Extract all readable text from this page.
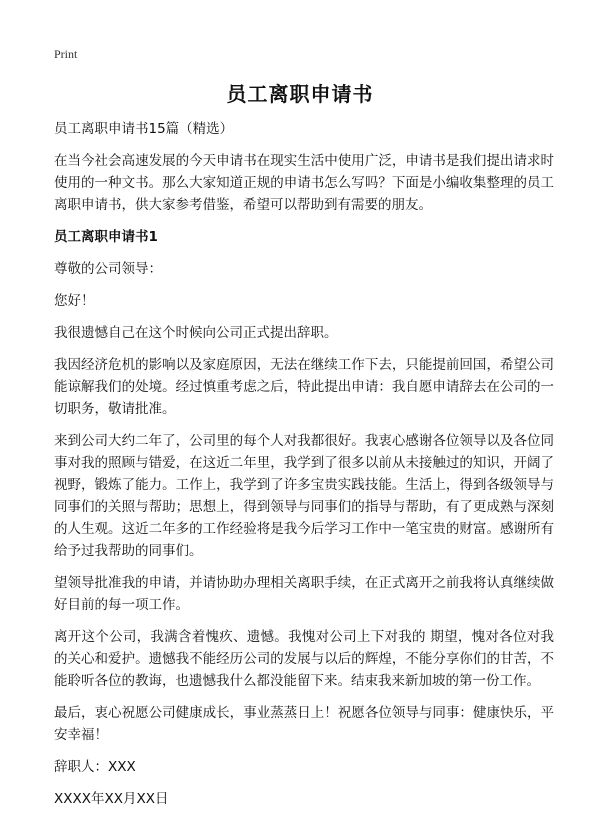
Print
员工离职申请书

员工离职申请书15篇（精选）

在当今社会高速发展的今天申请书在现实生活中使用广泛，申请书是我们提出请求时使用的一种文书。那么大家知道正规的申请书怎么写吗？下面是小编收集整理的员工离职申请书，供大家参考借鉴，希望可以帮助到有需要的朋友。

员工离职申请书1

尊敬的公司领导：

您好！

我很遗憾自己在这个时候向公司正式提出辞职。

我因经济危机的影响以及家庭原因，无法在继续工作下去，只能提前回国，希望公司能谅解我们的处境。经过慎重考虑之后，特此提出申请：我自愿申请辞去在公司的一切职务，敬请批准。

来到公司大约二年了，公司里的每个人对我都很好。我衷心感谢各位领导以及各位同事对我的照顾与错爱，在这近二年里，我学到了很多以前从未接触过的知识，开阔了视野，锻炼了能力。工作上，我学到了许多宝贵实践技能。生活上，得到各级领导与同事们的关照与帮助；思想上，得到领导与同事们的指导与帮助，有了更成熟与深刻的人生观。这近二年多的工作经验将是我今后学习工作中一笔宝贵的财富。感谢所有给予过我帮助的同事们。

望领导批准我的申请，并请协助办理相关离职手续，在正式离开之前我将认真继续做好目前的每一项工作。

离开这个公司，我满含着愧疚、遗憾。我愧对公司上下对我的 期望，愧对各位对我的关心和爱护。遗憾我不能经历公司的发展与以后的辉煌，不能分享你们的甘苦，不能聆听各位的教诲，也遗憾我什么都没能留下来。结束我来新加坡的第一份工作。

最后，衷心祝愿公司健康成长，事业蒸蒸日上！祝愿各位领导与同事：健康快乐，平安幸福！

辞职人：XXX

XXXX年XX月XX日
